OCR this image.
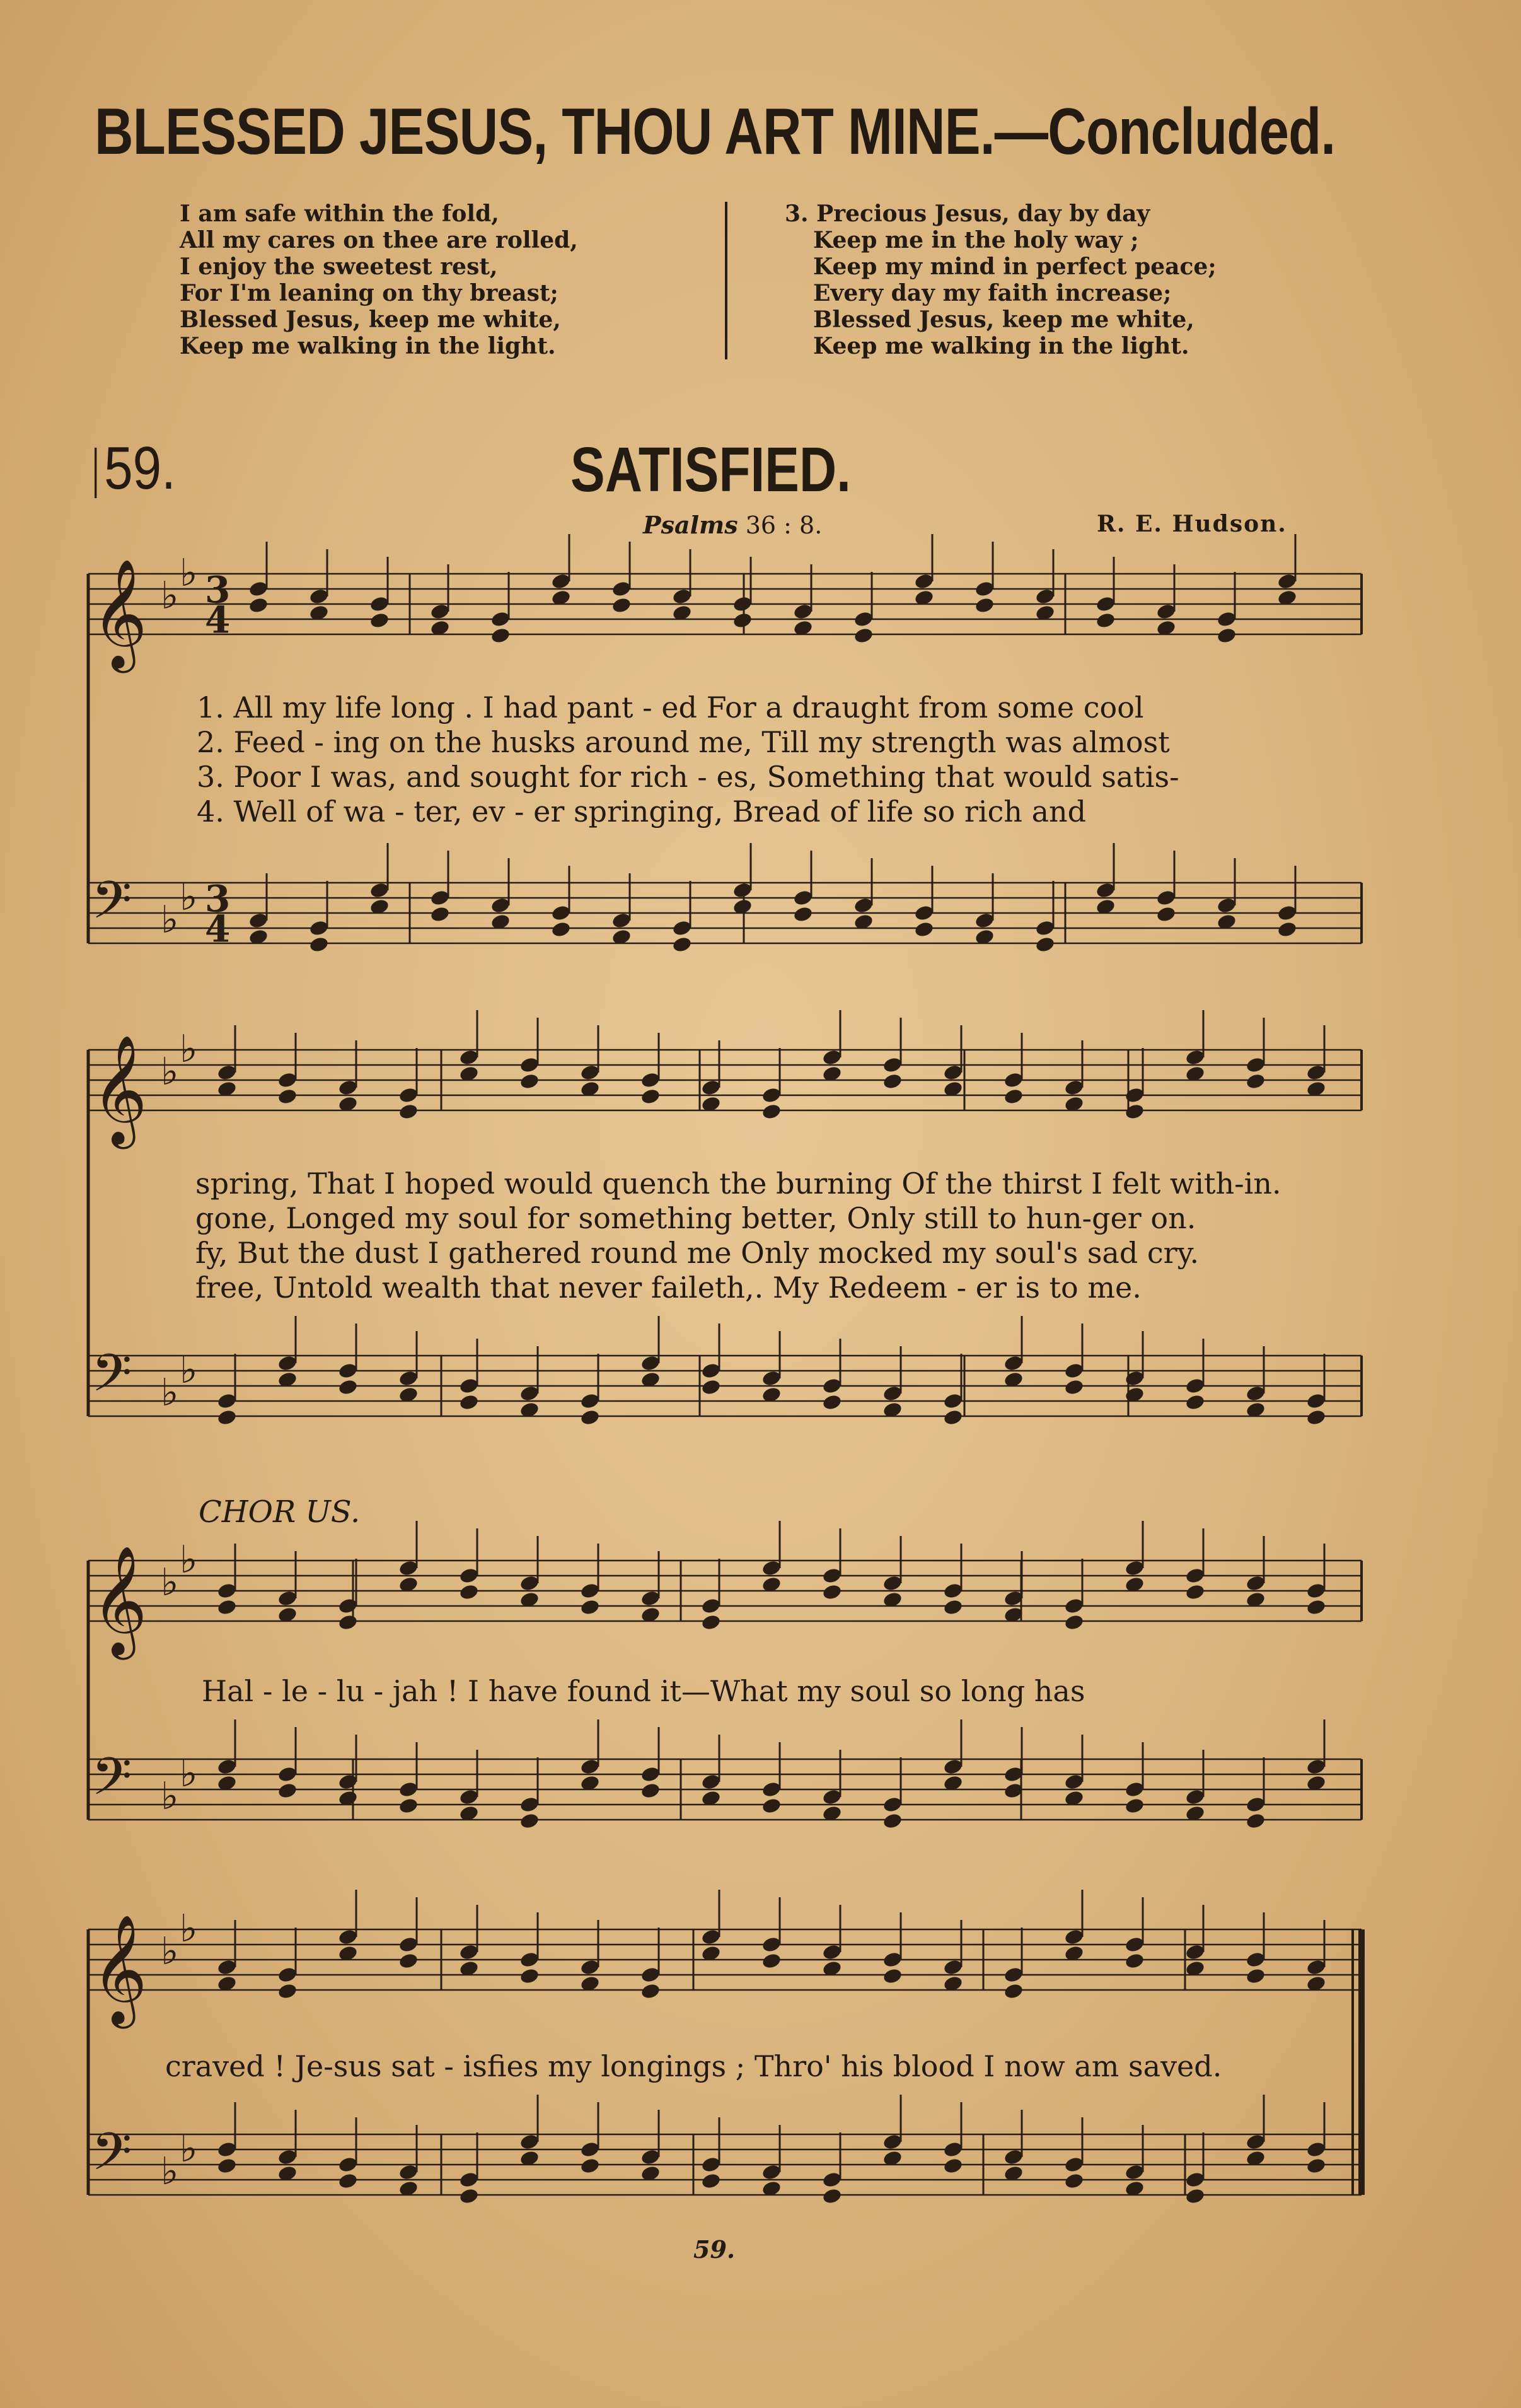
BLESSED JESUS, THOU ART MINE.—Concluded.
I am safe within the fold,
All my cares on thee are rolled,
I enjoy the sweetest rest,
For I'm leaning on thy breast;
Blessed Jesus, keep me white,
Keep me walking in the light.
3. Precious Jesus, day by day
Keep me in the holy way ;
Keep my mind in perfect peace;
Every day my faith increase;
Blessed Jesus, keep me white,
Keep me walking in the light.
59.	SATISFIED.
Psalms 36 : 8.	R. E. Hudson.
𝄞 ♭
♭
𝄢 ♭
♭
3
4
3
4
𝄞 ♭
♭
𝄢 ♭
♭
𝄞 ♭
♭
𝄢 ♭
♭
𝄞 ♭
♭
𝄢 ♭
♭
1. All my life long . I had pant - ed For a draught from some cool
2. Feed - ing on the husks around me, Till my strength was almost
3. Poor I was, and sought for rich - es, Something that would satis-
4. Well of wa - ter, ev - er springing, Bread of life so rich and
spring, That I hoped would quench the burning Of the thirst I felt with-in.
gone, Longed my soul for something better, Only still to hun-ger on.
fy, But the dust I gathered round me Only mocked my soul's sad cry.
free, Untold wealth that never faileth,. My Redeem - er is to me.
CHOR US.
Hal - le - lu - jah ! I have found it—What my soul so long has
craved ! Je-sus sat - isfies my longings ; Thro' his blood I now am saved.
59.
